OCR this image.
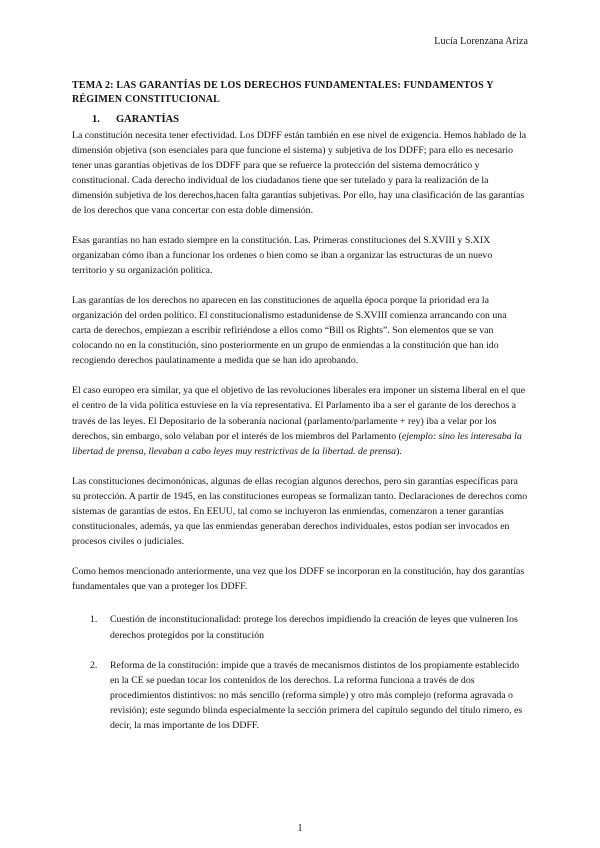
Lucía Lorenzana Ariza
TEMA 2: LAS GARANTÍAS DE LOS DERECHOS FUNDAMENTALES: FUNDAMENTOS Y RÉGIMEN CONSTITUCIONAL
1. GARANTÍAS

La constitución necesita tener efectividad. Los DDFF están también en ese nivel de exigencia. Hemos hablado de la dimensión objetiva (son esenciales para que funcione el sistema) y subjetiva de los DDFF; para ello es necesario tener unas garantías objetivas de los DDFF para que se refuerce la protección del sistema democrático y constitucional. Cada derecho individual de los ciudadanos tiene que ser tutelado y para la realización de la dimensión subjetiva de los derechos,hacen falta garantías subjetivas. Por ello, hay una clasificación de las garantías de los derechos que vana concertar con esta doble dimensión.

Esas garantías no han estado siempre en la constitución. Las. Primeras constituciones del S.XVIII y S.XIX organizaban cómo iban a funcionar los ordenes o bien como se iban a organizar las estructuras de un nuevo territorio y su organización política.

Las garantías de los derechos no aparecen en las constituciones de aquella época porque la prioridad era la organización del orden político. El constitucionalismo estadunidense de S.XVIII comienza arrancando con una carta de derechos, empiezan a escribir refiriéndose a ellos como “Bill os Rights”. Son elementos que se van colocando no en la constitución, sino posteriormente en un grupo de enmiendas a la constitución que han ido recogiendo derechos paulatinamente a medida que se han ido aprobando.

El caso europeo era similar, ya que el objetivo de las revoluciones liberales era imponer un sistema liberal en el que el centro de la vida política estuviese en la vía representativa. El Parlamento iba a ser el garante de los derechos a través de las leyes. El Depositario de la soberanía nacional (parlamento/parlamente + rey) iba a velar por los derechos, sin embargo, solo velaban por el interés de los miembros del Parlamento (ejemplo: sino les interesaba la libertad de prensa, llevaban a cabo leyes muy restrictivas de la libertad. de prensa).

Las constituciones decimonónicas, algunas de ellas recogían algunos derechos, pero sin garantías específicas para su protección. A partir de 1945, en las constituciones europeas se formalizan tanto. Declaraciones de derechos como sistemas de garantías de estos. En EEUU, tal como se incluyeron las enmiendas, comenzaron a tener garantías constitucionales, además, ya que las enmiendas generaban derechos individuales, estos podían ser invocados en procesos civiles o judiciales.

Como hemos mencionado anteriormente, una vez que los DDFF se incorporan en la constitución, hay dos garantías fundamentales que van a proteger los DDFF.

1. Cuestión de inconstitucionalidad: protege los derechos impidiendo la creación de leyes que vulneren los derechos protegidos por la constitución
2. Reforma de la constitución: impide que a través de mecanismos distintos de los propiamente establecido en la CE se puedan tocar los contenidos de los derechos. La reforma funciona a través de dos procedimientos distintivos: no más sencillo (reforma simple) y otro más complejo (reforma agravada o revisión); este segundo blinda especialmente la sección primera del capítulo segundo del título rimero, es decir, la mas importante de los DDFF.
1
